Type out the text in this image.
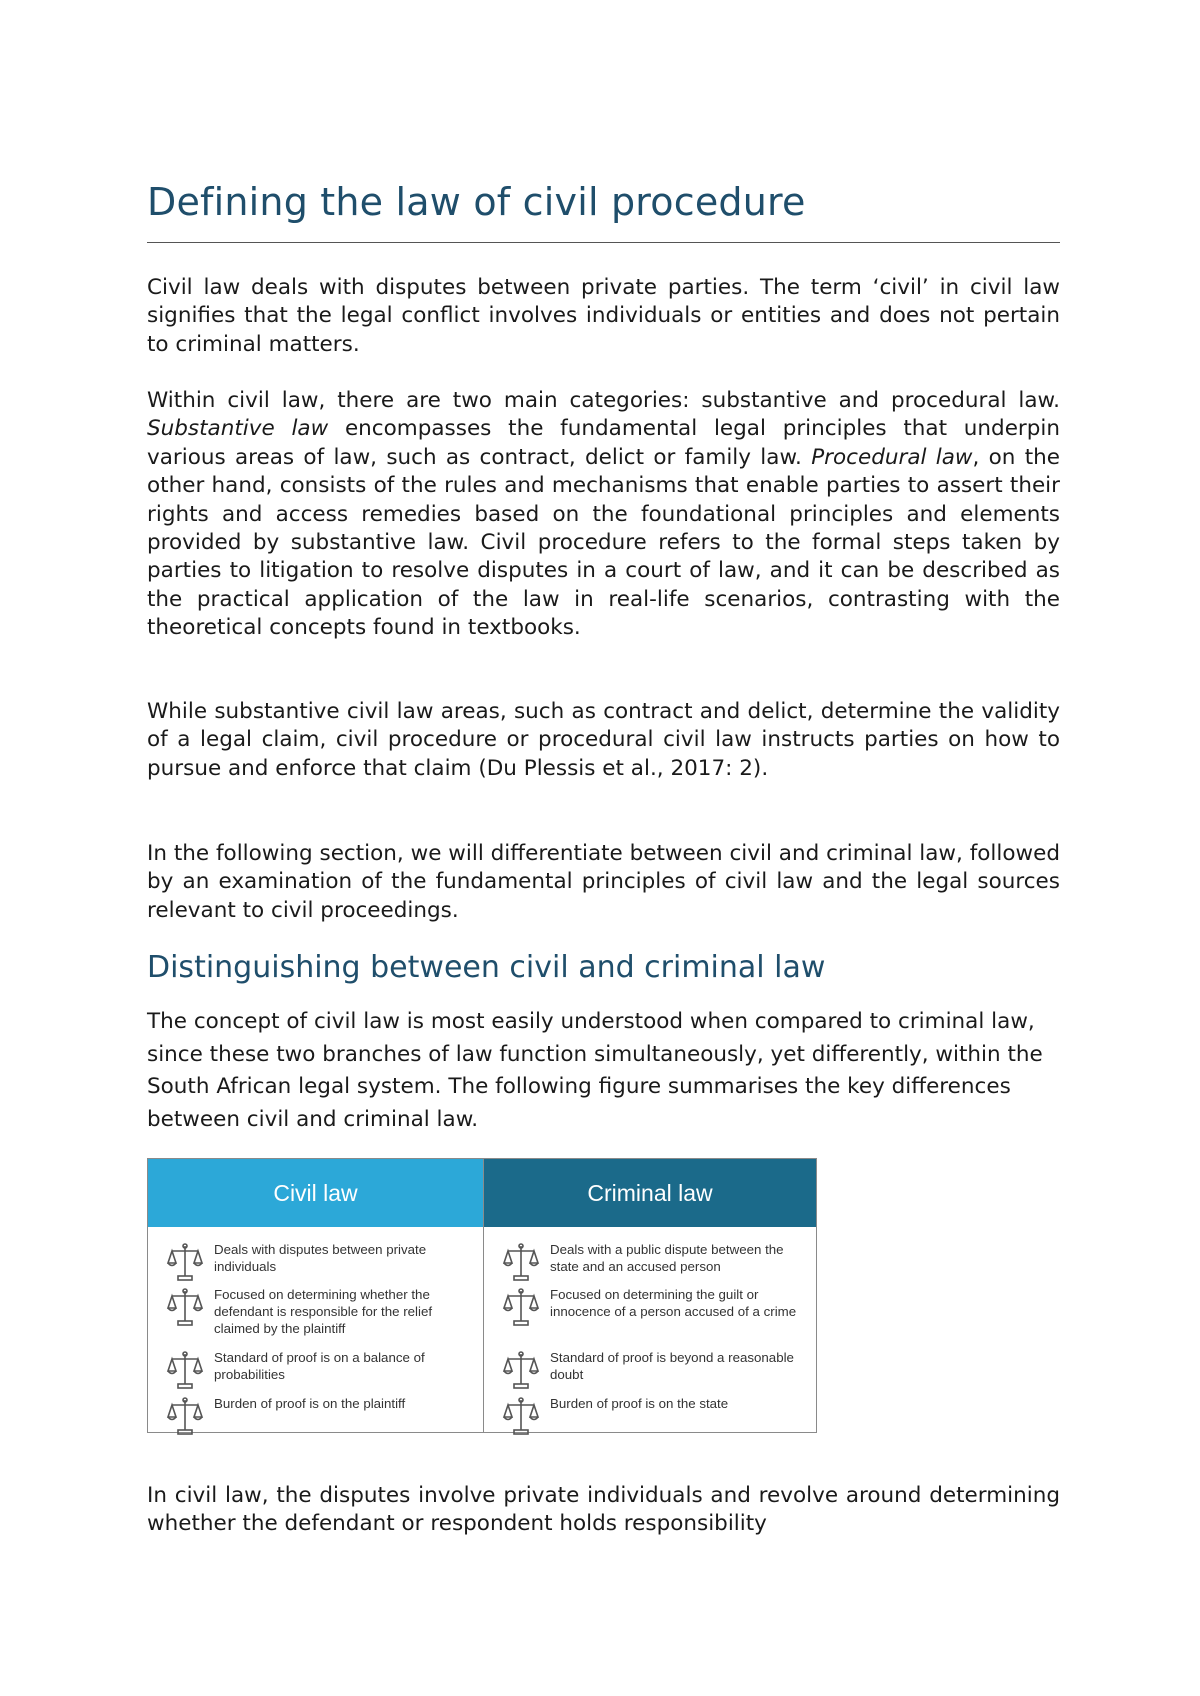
Defining the law of civil procedure

Civil law deals with disputes between private parties. The term ‘civil’ in civil law signifies that the legal conflict involves individuals or entities and does not pertain to criminal matters.

Within civil law, there are two main categories: substantive and procedural law. Substantive law encompasses the fundamental legal principles that underpin various areas of law, such as contract, delict or family law. Procedural law, on the other hand, consists of the rules and mechanisms that enable parties to assert their rights and access remedies based on the foundational principles and elements provided by substantive law. Civil procedure refers to the formal steps taken by parties to litigation to resolve disputes in a court of law, and it can be described as the practical application of the law in real-life scenarios, contrasting with the theoretical concepts found in textbooks.

While substantive civil law areas, such as contract and delict, determine the validity of a legal claim, civil procedure or procedural civil law instructs parties on how to pursue and enforce that claim (Du Plessis et al., 2017: 2).

In the following section, we will differentiate between civil and criminal law, followed by an examination of the fundamental principles of civil law and the legal sources relevant to civil proceedings.

Distinguishing between civil and criminal law

The concept of civil law is most easily understood when compared to criminal law, since these two branches of law function simultaneously, yet differently, within the South African legal system. The following figure summarises the key differences between civil and criminal law.

Civil law
Deals with disputes between private individuals
Focused on determining whether the defendant is responsible for the relief claimed by the plaintiff
Standard of proof is on a balance of probabilities
Burden of proof is on the plaintiff
Criminal law
Deals with a public dispute between the state and an accused person
Focused on determining the guilt or innocence of a person accused of a crime
Standard of proof is beyond a reasonable doubt
Burden of proof is on the state

In civil law, the disputes involve private individuals and revolve around determining whether the defendant or respondent holds responsibility
